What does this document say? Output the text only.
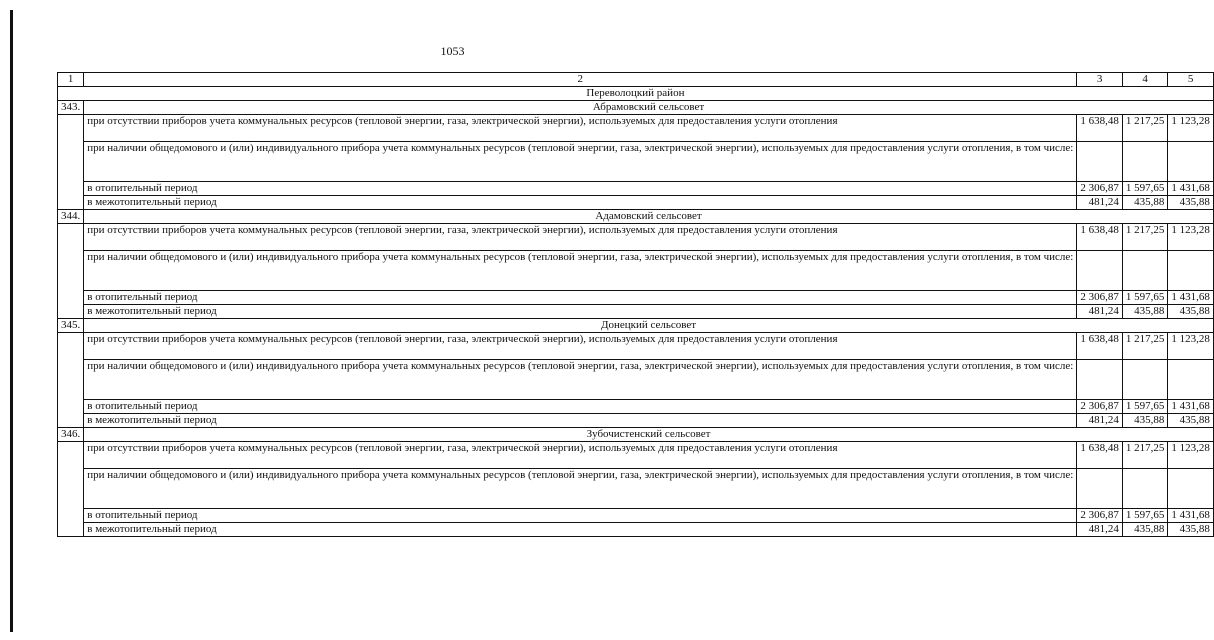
1053
1	2	3	4	5
Переволоцкий район				
343.	Абрамовский сельсовет			
	при отсутствии приборов учета коммунальных ресурсов (тепловой энергии, газа, электрической энергии), используемых для предоставления услуги отопления	1 638,48	1 217,25	1 123,28
	при наличии общедомового и (или) индивидуального прибора учета коммунальных ресурсов (тепловой энергии, газа, электрической энергии), используемых для предоставления услуги отопления, в том числе:			
	в отопительный период	2 306,87	1 597,65	1 431,68
	в межотопительный период	481,24	435,88	435,88
344.	Адамовский сельсовет			
	при отсутствии приборов учета коммунальных ресурсов (тепловой энергии, газа, электрической энергии), используемых для предоставления услуги отопления	1 638,48	1 217,25	1 123,28
	при наличии общедомового и (или) индивидуального прибора учета коммунальных ресурсов (тепловой энергии, газа, электрической энергии), используемых для предоставления услуги отопления, в том числе:			
	в отопительный период	2 306,87	1 597,65	1 431,68
	в межотопительный период	481,24	435,88	435,88
345.	Донецкий сельсовет			
	при отсутствии приборов учета коммунальных ресурсов (тепловой энергии, газа, электрической энергии), используемых для предоставления услуги отопления	1 638,48	1 217,25	1 123,28
	при наличии общедомового и (или) индивидуального прибора учета коммунальных ресурсов (тепловой энергии, газа, электрической энергии), используемых для предоставления услуги отопления, в том числе:			
	в отопительный период	2 306,87	1 597,65	1 431,68
	в межотопительный период	481,24	435,88	435,88
346.	Зубочистенский сельсовет			
	при отсутствии приборов учета коммунальных ресурсов (тепловой энергии, газа, электрической энергии), используемых для предоставления услуги отопления	1 638,48	1 217,25	1 123,28
	при наличии общедомового и (или) индивидуального прибора учета коммунальных ресурсов (тепловой энергии, газа, электрической энергии), используемых для предоставления услуги отопления, в том числе:			
	в отопительный период	2 306,87	1 597,65	1 431,68
	в межотопительный период	481,24	435,88	435,88
